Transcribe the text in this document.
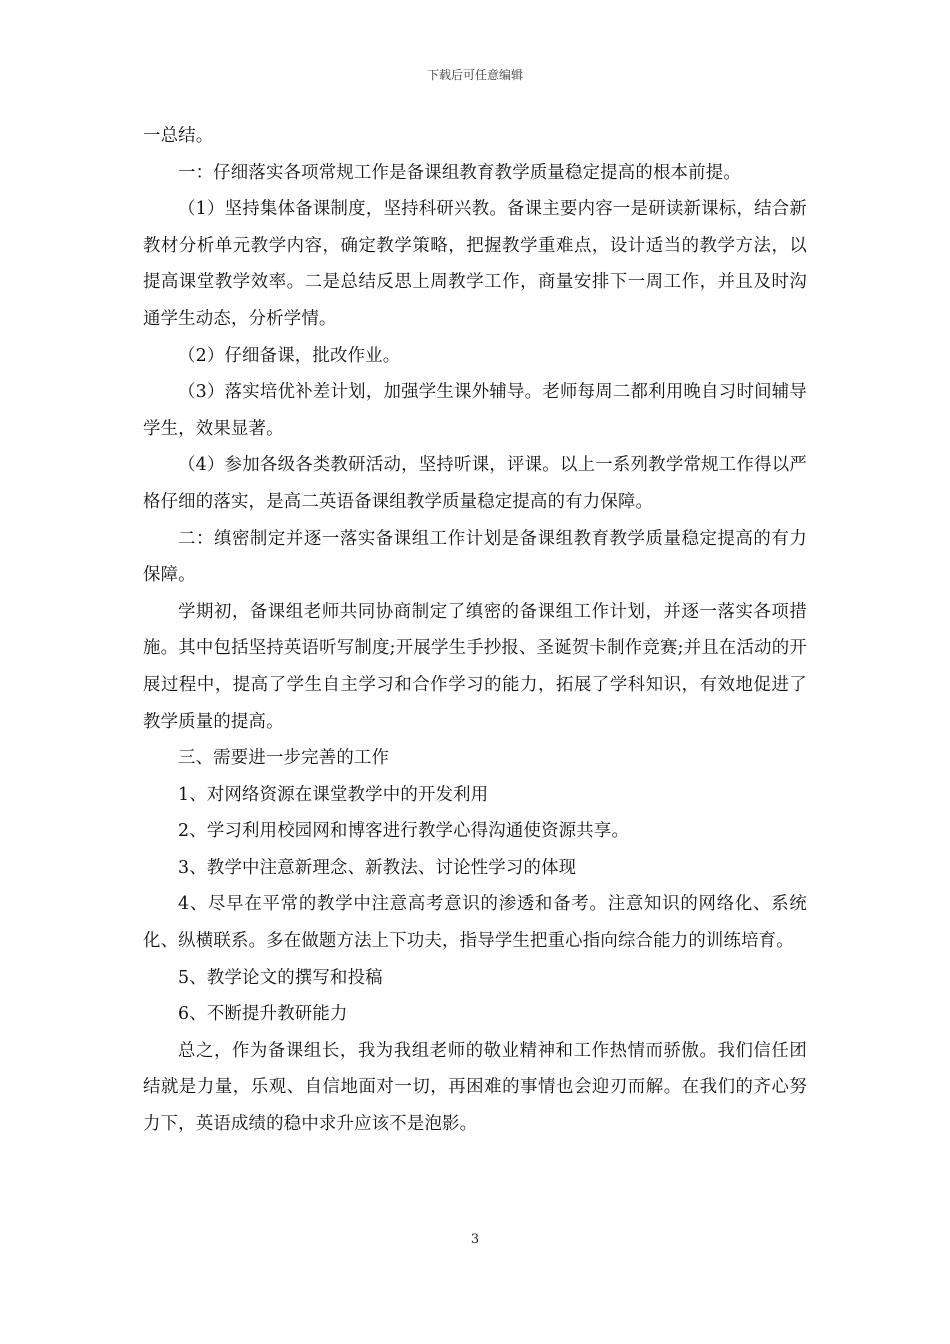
下载后可任意编辑

一总结。

一：仔细落实各项常规工作是备课组教育教学质量稳定提高的根本前提。

（1）坚持集体备课制度，坚持科研兴教。备课主要内容一是研读新课标，结合新教材分析单元教学内容，确定教学策略，把握教学重难点，设计适当的教学方法，以提高课堂教学效率。二是总结反思上周教学工作，商量安排下一周工作，并且及时沟通学生动态，分析学情。

（2）仔细备课，批改作业。

（3）落实培优补差计划，加强学生课外辅导。老师每周二都利用晚自习时间辅导学生，效果显著。

（4）参加各级各类教研活动，坚持听课，评课。以上一系列教学常规工作得以严格仔细的落实，是高二英语备课组教学质量稳定提高的有力保障。

二：缜密制定并逐一落实备课组工作计划是备课组教育教学质量稳定提高的有力保障。

学期初，备课组老师共同协商制定了缜密的备课组工作计划，并逐一落实各项措施。其中包括坚持英语听写制度;开展学生手抄报、圣诞贺卡制作竞赛;并且在活动的开展过程中，提高了学生自主学习和合作学习的能力，拓展了学科知识，有效地促进了教学质量的提高。

三、需要进一步完善的工作

1、对网络资源在课堂教学中的开发利用

2、学习利用校园网和博客进行教学心得沟通使资源共享。

3、教学中注意新理念、新教法、讨论性学习的体现

4、尽早在平常的教学中注意高考意识的渗透和备考。注意知识的网络化、系统化、纵横联系。多在做题方法上下功夫，指导学生把重心指向综合能力的训练培育。

5、教学论文的撰写和投稿

6、不断提升教研能力

总之，作为备课组长，我为我组老师的敬业精神和工作热情而骄傲。我们信任团结就是力量，乐观、自信地面对一切，再困难的事情也会迎刃而解。在我们的齐心努力下，英语成绩的稳中求升应该不是泡影。

3
